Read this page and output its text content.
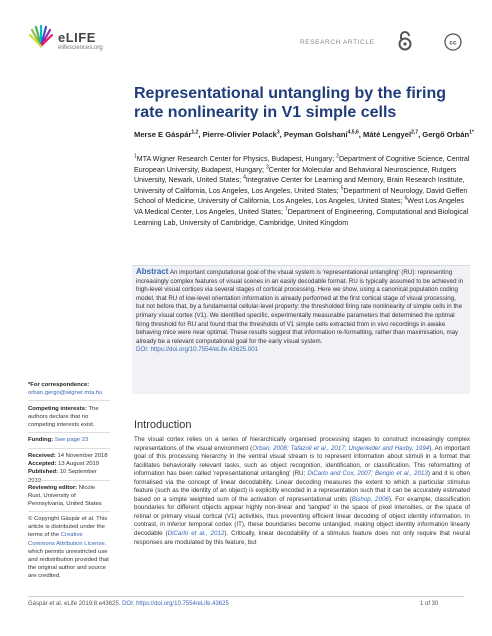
eLIFE
elifesciences.org
RESEARCH ARTICLE	cc
Representational untangling by the firing rate nonlinearity in V1 simple cells
Merse E Gáspár$^{1,2}$, Pierre-Olivier Polack$^3$, Peyman Golshani$^{4,5,6}$, Máté Lengyel$^{2,7}$, Gergő Orbán$^{1*}$
$^1$MTA Wigner Research Center for Physics, Budapest, Hungary; $^2$Department of Cognitive Science, Central European University, Budapest, Hungary; $^3$Center for Molecular and Behavioral Neuroscience, Rutgers University, Newark, United States; $^4$Integrative Center for Learning and Memory, Brain Research Institute, University of California, Los Angeles, Los Angeles, United States; $^5$Department of Neurology, David Geffen School of Medicine, University of California, Los Angeles, Los Angeles, United States; $^6$West Los Angeles VA Medical Center, Los Angeles, United States; $^7$Department of Engineering, Computational and Biological Learning Lab, University of Cambridge, Cambridge, United Kingdom
Abstract An important computational goal of the visual system is 'representational untangling' (RU): representing increasingly complex features of visual scenes in an easily decodable format. RU is typically assumed to be achieved in high-level visual cortices via several stages of cortical processing. Here we show, using a canonical population coding model, that RU of low-level orientation information is already performed at the first cortical stage of visual processing, but not before that, by a fundamental cellular-level property: the thresholded firing rate nonlinearity of simple cells in the primary visual cortex (V1). We identified specific, experimentally measurable parameters that determined the optimal firing threshold for RU and found that the thresholds of V1 simple cells extracted from in vivo recordings in awake behaving mice were near optimal. These results suggest that information re-formatting, rather than maximisation, may already be a relevant computational goal for the early visual system.
DOI: https://doi.org/10.7554/eLife.43625.001
*For correspondence:
orban.gergo@wigner.mta.hu
Competing interests: The authors declare that no competing interests exist.
Funding: See page 23
Received: 14 November 2018
Accepted: 13 August 2019
Published: 10 September 2019
Reviewing editor: Nicole Rust, University of Pennsylvania, United States
© Copyright Gáspár et al. This article is distributed under the terms of the Creative Commons Attribution License, which permits unrestricted use and redistribution provided that the original author and source are credited.
Introduction
The visual cortex relies on a series of hierarchically organised processing stages to construct increasingly complex representations of the visual environment (Orban, 2008; Tafazoli et al., 2017; Ungerleider and Haxby, 1994). An important goal of this processing hierarchy in the ventral visual stream is to represent information about stimuli in a format that facilitates behaviorally relevant tasks, such as object recognition, identification, or classification. This reformatting of information has been called 'representational untangling' (RU; DiCarlo and Cox, 2007; Bengio et al., 2013) and it is often formalised via the concept of linear decodability. Linear decoding measures the extent to which a particular stimulus feature (such as the identity of an object) is explicitly encoded in a representation such that it can be accurately estimated based on a simple weighted sum of the activation of representational units (Bishop, 2006). For example, classification boundaries for different objects appear highly non-linear and 'tangled' in the space of pixel intensities, or the space of retinal or primary visual cortical (V1) activities, thus preventing efficient linear decoding of object identity information. In contrast, in inferior temporal cortex (IT), these boundaries become untangled, making object identity information linearly decodable (DiCarlo et al., 2012). Critically, linear decodability of a stimulus feature does not only require that neural responses are modulated by this feature, but
Gáspár et al. eLife 2019;8:e43625. DOI: https://doi.org/10.7554/eLife.43625	1 of 30
